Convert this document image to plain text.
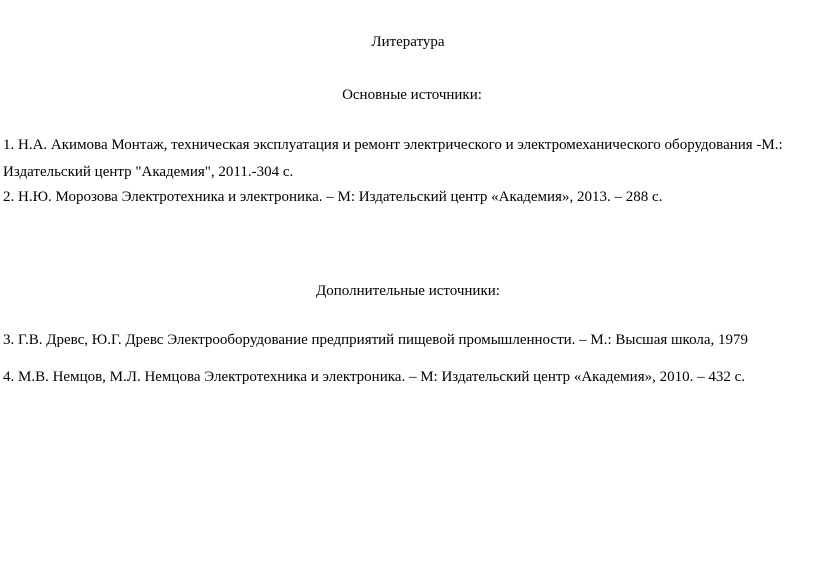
Литература
Основные источники:
1. Н.А. Акимова Монтаж, техническая эксплуатация и ремонт электрического и электромеханического оборудования -М.:
Издательский центр "Академия", 2011.-304 с.
2. Н.Ю. Морозова Электротехника и электроника. – М: Издательский центр «Академия», 2013. – 288 с.
Дополнительные источники:
3. Г.В. Древс, Ю.Г. Древс Электрооборудование предприятий пищевой промышленности. – М.: Высшая школа, 1979
4. М.В. Немцов, М.Л. Немцова Электротехника и электроника. – М: Издательский центр «Академия», 2010. – 432 с.
